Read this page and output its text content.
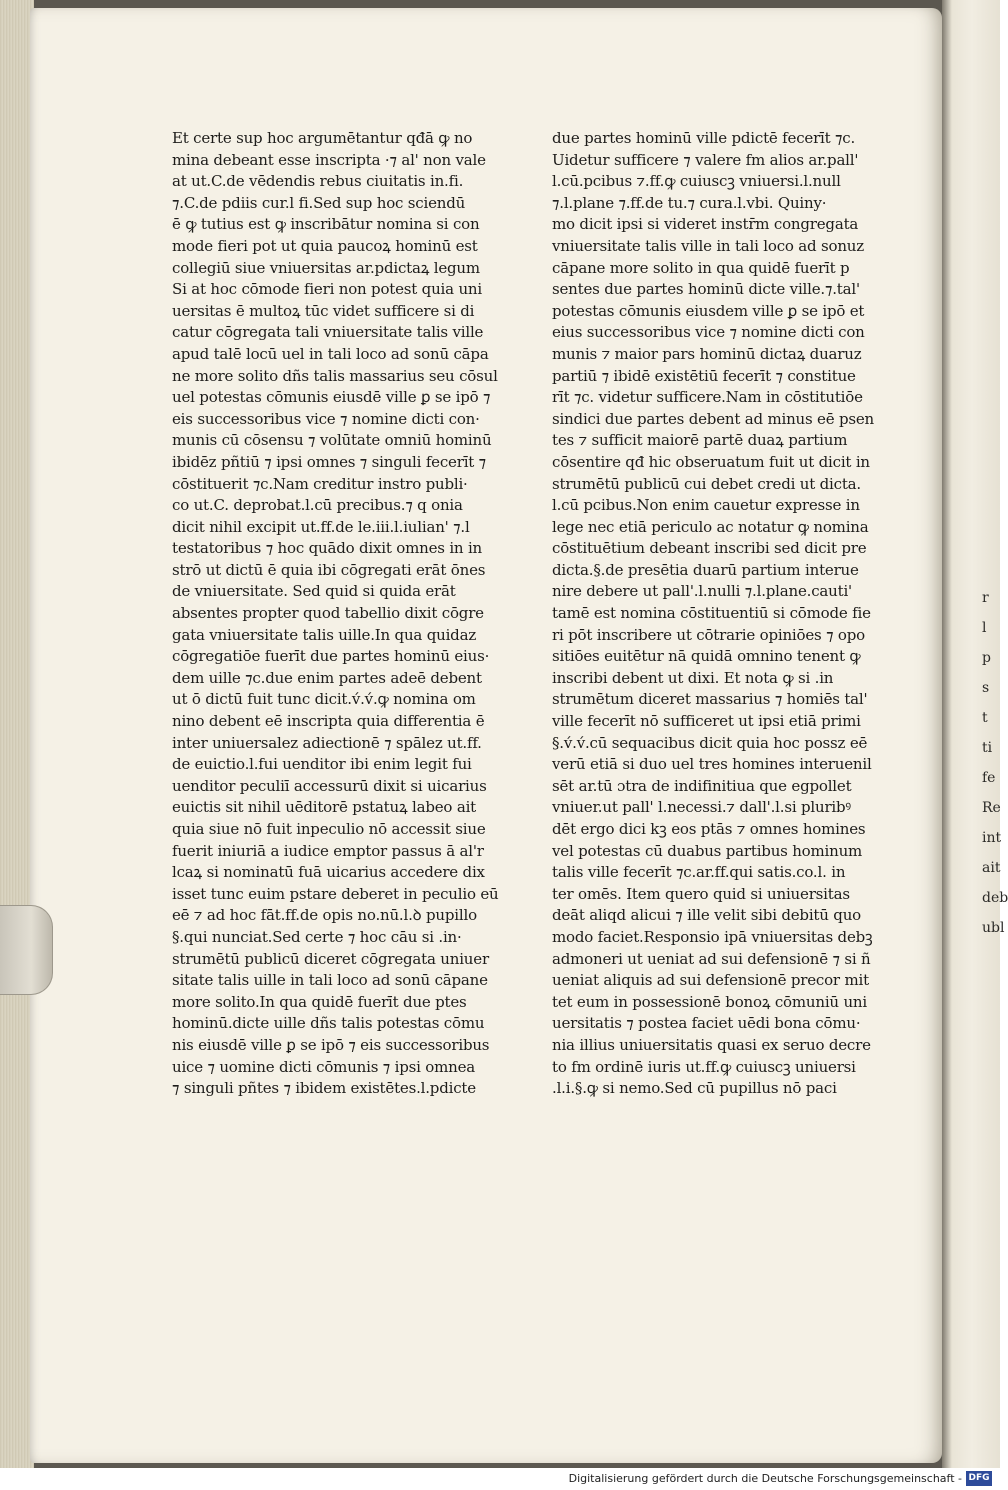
r
l
p
s
t
ti
fe
Re
int
ait
deb
ubl
Et certe sup hoc argumētantur qđā ꝙ no
mina debeant esse inscripta ·⁊ al' non vale
at ut.C.de vēdendis rebus ciuitatis in.fi.
⁊.C.de pdiis cur.l fi.Sed sup hoc sciendū
ē ꝙ tutius est ꝙ inscribātur nomina si con
mode fieri pot ut quia paucoꝝ hominū est
collegiū siue vniuersitas ar.pdictaꝝ legum
Si at hoc cōmode fieri non potest quia uni
uersitas ē multoꝝ tūc videt sufficere si di
catur cōgregata tali vniuersitate talis ville
apud talē locū uel in tali loco ad sonū cāpa
ne more solito dñs talis massarius seu cōsul
uel potestas cōmunis eiusdē ville ꝑ se ipō ⁊
eis successoribus vice ⁊ nomine dicti con·
munis cū cōsensu ⁊ volūtate omniū hominū
ibidēz pñtiū ⁊ ipsi omnes ⁊ singuli fecerīt ⁊
cōstituerit ⁊c.Nam creditur instro publi·
co ut.C. deprobat.l.cū precibus.⁊ q onia
dicit nihil excipit ut.ff.de le.iii.l.iulian' ⁊.l
testatoribus ⁊ hoc quādo dixit omnes in in
strō ut dictū ē quia ibi cōgregati erāt ōnes
de vniuersitate. Sed quid si quida erāt
absentes propter quod tabellio dixit cōgre
gata vniuersitate talis uille.In qua quidaz
cōgregatiōe fuerīt due partes hominū eius·
dem uille ⁊c.due enim partes adeē debent
ut ō dictū fuit tunc dicit.v́.v́.ꝙ nomina om
nino debent eē inscripta quia differentia ē
inter uniuersalez adiectionē ⁊ spālez ut.ff.
de euictio.l.fui uenditor ibi enim legit fui
uenditor peculiī accessurū dixit si uicarius
euictis sit nihil uēditorē pstatuꝝ labeo ait
quia siue nō fuit inpeculio nō accessit siue
fuerit iniuriā a iudice emptor passus ā al'r
lcaꝝ si nominatū fuā uicarius accedere dix
isset tunc euim pstare deberet in peculio eū
eē ⁊ ad hoc fāt.ff.de opis no.nū.l.ꝺ pupillo
§.qui nunciat.Sed certe ⁊ hoc cāu si .in·
strumētū publicū diceret cōgregata uniuer
sitate talis uille in tali loco ad sonū cāpane
more solito.In qua quidē fuerīt due ptes
hominū.dicte uille dñs talis potestas cōmu
nis eiusdē ville ꝑ se ipō ⁊ eis successoribus
uice ⁊ uomine dicti cōmunis ⁊ ipsi omnea
⁊ singuli pñtes ⁊ ibidem existētes.l.pdicte
due partes hominū ville pdictē fecerīt ⁊c.
Uidetur sufficere ⁊ valere fm alios ar.pall'
l.cū.pcibus ⁊.ff.ꝙ cuiuscꝫ vniuersi.l.null
⁊.l.plane ⁊.ff.de tu.⁊ cura.l.vbi. Quiny·
mo dicit ipsi si videret instr̄m congregata
vniuersitate talis ville in tali loco ad sonuz
cāpane more solito in qua quidē fuerīt p
sentes due partes hominū dicte ville.⁊.tal'
potestas cōmunis eiusdem ville ꝑ se ipō et
eius successoribus vice ⁊ nomine dicti con
munis ⁊ maior pars hominū dictaꝝ duaruz
partiū ⁊ ibidē existētiū fecerīt ⁊ constitue
rīt ⁊c. videtur sufficere.Nam in cōstitutiōe
sindici due partes debent ad minus eē psen
tes ⁊ sufficit maiorē partē duaꝝ partium
cōsentire qđ hic obseruatum fuit ut dicit in
strumētū publicū cui debet credi ut dicta.
l.cū pcibus.Non enim cauetur expresse in
lege nec etiā periculo ac notatur ꝙ nomina
cōstituētium debeant inscribi sed dicit pre
dicta.§.de presētia duarū partium interue
nire debere ut pall'.l.nulli ⁊.l.plane.cauti'
tamē est nomina cōstituentiū si cōmode fie
ri pōt inscribere ut cōtrarie opiniōes ⁊ opo
sitiōes euitētur nā quidā omnino tenent ꝙ
inscribi debent ut dixi. Et nota ꝙ si .in
strumētum diceret massarius ⁊ homiēs tal'
ville fecerīt nō sufficeret ut ipsi etiā primi
§.v́.v́.cū sequacibus dicit quia hoc possz eē
verū etiā si duo uel tres homines interuenil
sēt ar.tū ɔtra de indifinitiua que egpollet
vniuer.ut pall' l.necessi.⁊ dall'.l.si pluribꝰ
dēt ergo dici kꝫ eos ptās ⁊ omnes homines
vel potestas cū duabus partibus hominum
talis ville fecerīt ⁊c.ar.ff.qui satis.co.l. in
ter omēs. Item quero quid si uniuersitas
deāt aliqd alicui ⁊ ille velit sibi debitū quo
modo faciet.Responsio ipā vniuersitas debꝫ
admoneri ut ueniat ad sui defensionē ⁊ si ñ
ueniat aliquis ad sui defensionē precor mit
tet eum in possessionē bonoꝝ cōmuniū uni
uersitatis ⁊ postea faciet uēdi bona cōmu·
nia illius uniuersitatis quasi ex seruo decre
to fm ordinē iuris ut.ff.ꝙ cuiuscꝫ uniuersi
.l.i.§.ꝙ si nemo.Sed cū pupillus nō paci
Digitalisierung gefördert durch die Deutsche Forschungsgemeinschaft - DFG
